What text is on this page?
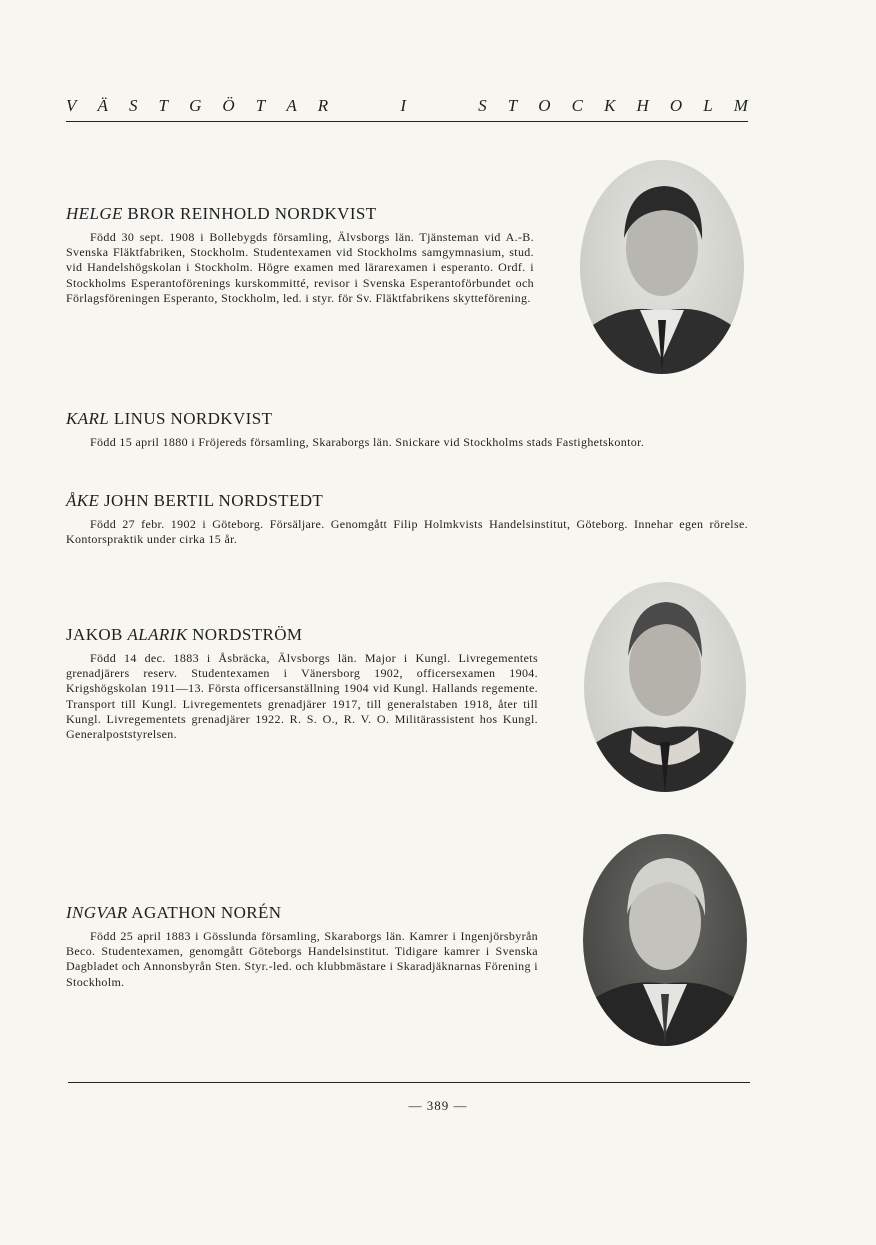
V Ä S T G Ö T A R	I	S T O C K H O L M
HELGE BROR REINHOLD NORDKVIST

Född 30 sept. 1908 i Bollebygds församling, Älvsborgs län. Tjänsteman vid A.-B. Svenska Fläktfabriken, Stockholm. Studentexamen vid Stockholms samgymnasium, stud. vid Handelshögskolan i Stockholm. Högre examen med lärarexamen i esperanto. Ordf. i Stockholms Esperantoförenings kurskommitté, revisor i Svenska Esperantoförbundet och Förlagsföreningen Esperanto, Stockholm, led. i styr. för Sv. Fläktfabrikens skytteförening.

KARL LINUS NORDKVIST

Född 15 april 1880 i Fröjereds församling, Skaraborgs län. Snickare vid Stockholms stads Fastighetskontor.

ÅKE JOHN BERTIL NORDSTEDT

Född 27 febr. 1902 i Göteborg. Försäljare. Genomgått Filip Holmkvists Handelsinstitut, Göteborg. Innehar egen rörelse. Kontorspraktik under cirka 15 år.

JAKOB ALARIK NORDSTRÖM

Född 14 dec. 1883 i Åsbräcka, Älvsborgs län. Major i Kungl. Livregementets grenadjärers reserv. Studentexamen i Vänersborg 1902, officersexamen 1904. Krigshögskolan 1911—13. Första officersanställning 1904 vid Kungl. Hallands regemente. Transport till Kungl. Livregementets grenadjärer 1917, till generalstaben 1918, åter till Kungl. Livregementets grenadjärer 1922. R. S. O., R. V. O. Militärassistent hos Kungl. Generalpoststyrelsen.

INGVAR AGATHON NORÉN

Född 25 april 1883 i Gösslunda församling, Skaraborgs län. Kamrer i Ingenjörsbyrån Beco. Studentexamen, genomgått Göteborgs Handelsinstitut. Tidigare kamrer i Svenska Dagbladet och Annonsbyrån Sten. Styr.-led. och klubbmästare i Skaradjäknarnas Förening i Stockholm.

— 389 —
